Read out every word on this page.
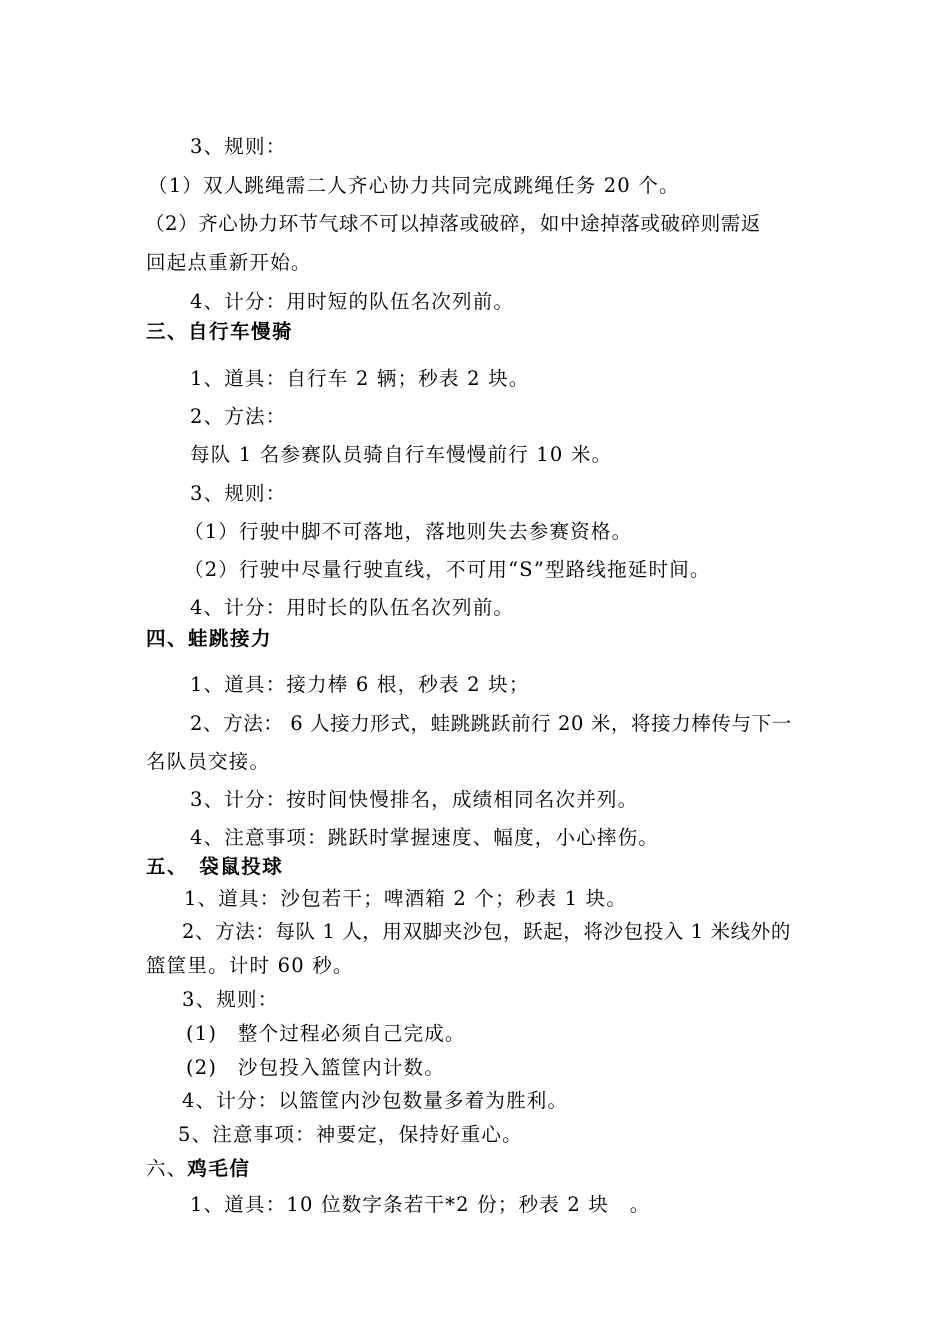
3、规则：
（1）双人跳绳需二人齐心协力共同完成跳绳任务 20 个。
（2）齐心协力环节气球不可以掉落或破碎，如中途掉落或破碎则需返
回起点重新开始。
4、计分：用时短的队伍名次列前。
三、自行车慢骑
1、道具：自行车 2 辆；秒表 2 块。
2、方法：
每队 1 名参赛队员骑自行车慢慢前行 10 米。
3、规则：
（1）行驶中脚不可落地，落地则失去参赛资格。
（2）行驶中尽量行驶直线，不可用“S”型路线拖延时间。
4、计分：用时长的队伍名次列前。
四、蛙跳接力
1、道具：接力棒 6 根，秒表 2 块；
2、方法： 6 人接力形式，蛙跳跳跃前行 20 米，将接力棒传与下一
名队员交接。
3、计分：按时间快慢排名，成绩相同名次并列。
4、注意事项：跳跃时掌握速度、幅度，小心摔伤。
五、　袋鼠投球
1、道具：沙包若干；啤酒箱 2 个；秒表 1 块。
2、方法：每队 1 人，用双脚夹沙包，跃起，将沙包投入 1 米线外的
篮筐里。计时 60 秒。
3、规则：
(1)　整个过程必须自己完成。
(2)　沙包投入篮筐内计数。
4、计分：以篮筐内沙包数量多着为胜利。
5、注意事项：神要定，保持好重心。
六、鸡毛信
1、道具：10 位数字条若干*2 份；秒表 2 块　。
